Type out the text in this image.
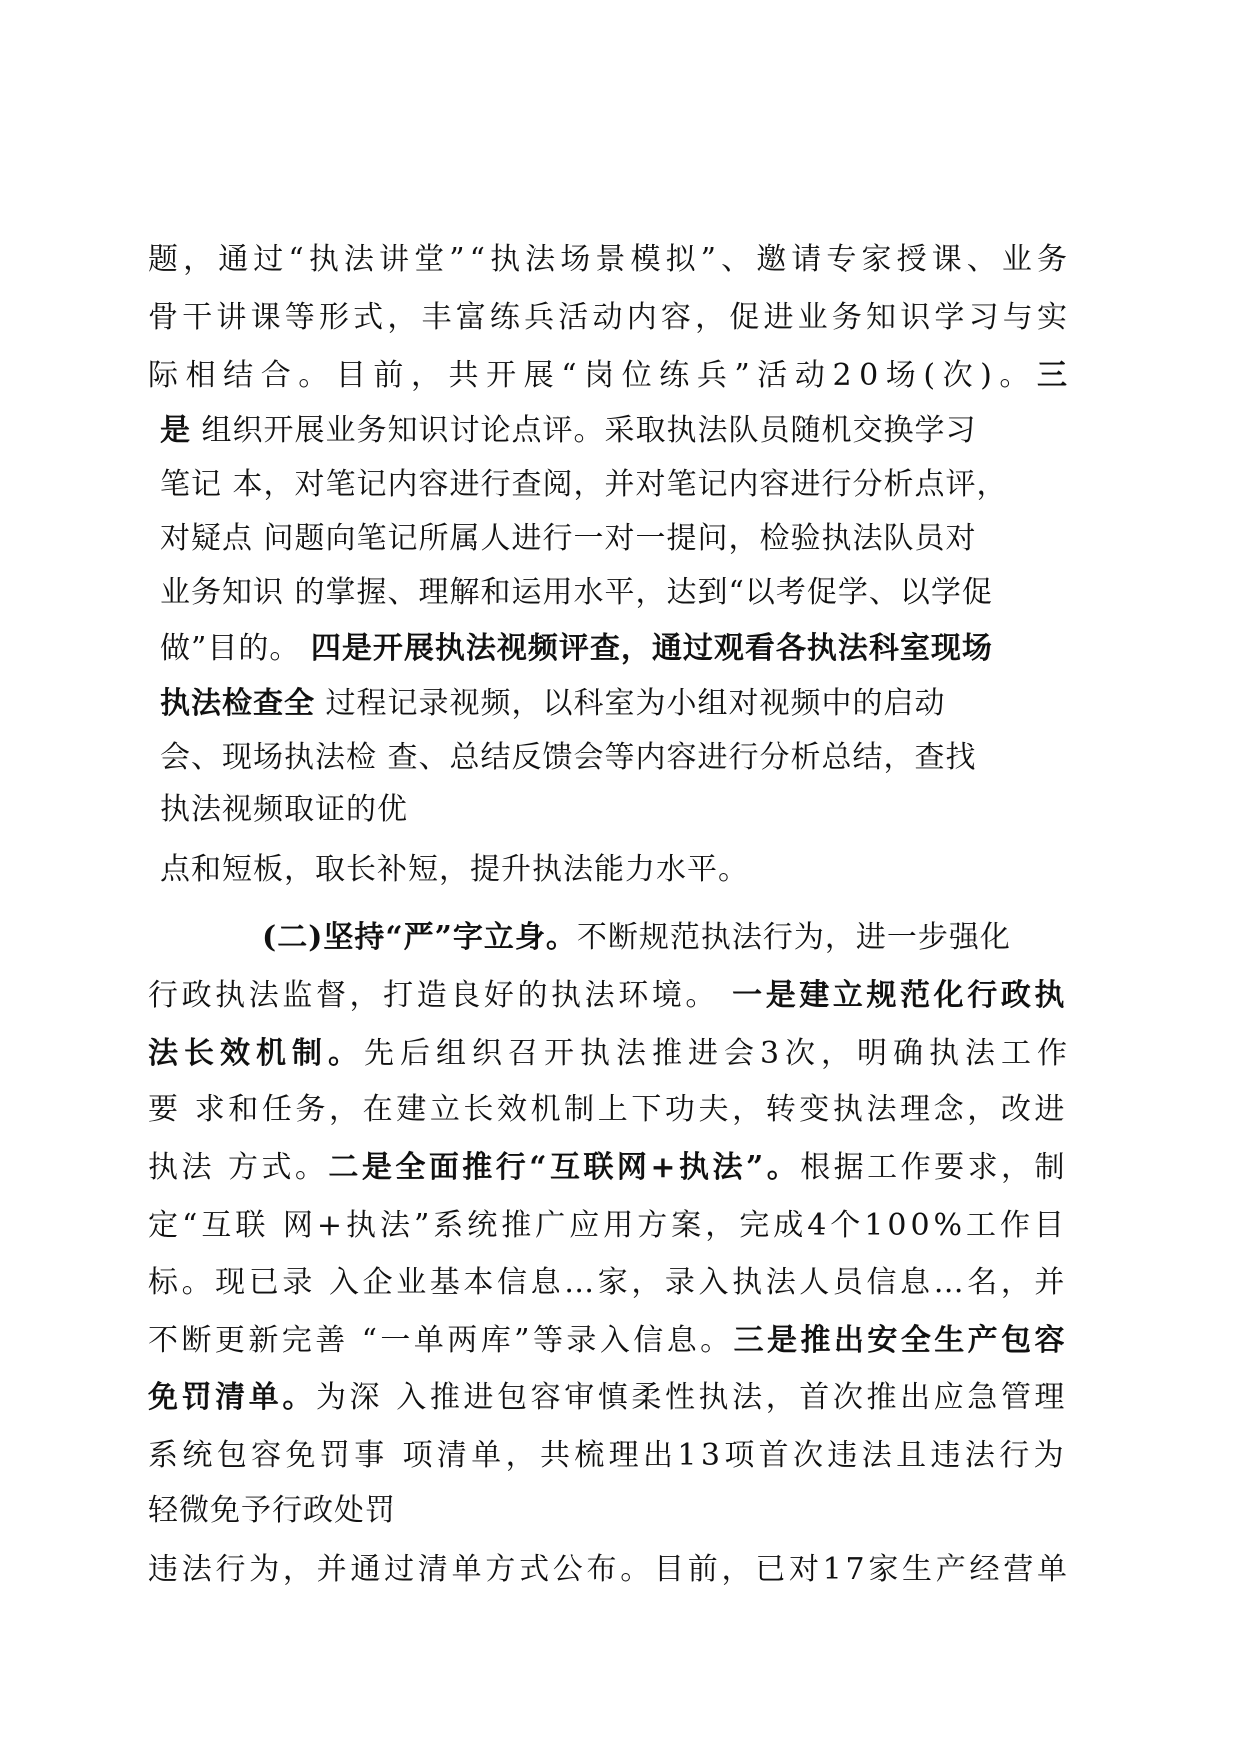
题，通过“执法讲堂”“执法场景模拟”、邀请专家授课、业务
骨干讲课等形式，丰富练兵活动内容，促进业务知识学习与实
际相结合。目前，共开展“岗位练兵”活动20场(次)。三
是 组织开展业务知识讨论点评。采取执法队员随机交换学习
笔记 本，对笔记内容进行查阅，并对笔记内容进行分析点评，
对疑点 问题向笔记所属人进行一对一提问，检验执法队员对
业务知识 的掌握、理解和运用水平，达到“以考促学、以学促
做”目的。 四是开展执法视频评查，通过观看各执法科室现场
执法检查全 过程记录视频，以科室为小组对视频中的启动
会、现场执法检 查、总结反馈会等内容进行分析总结，查找
执法视频取证的优
点和短板，取长补短，提升执法能力水平。
(二)坚持“严”字立身。不断规范执法行为，进一步强化
行政执法监督，打造良好的执法环境。 一是建立规范化行政执
法长效机制。先后组织召开执法推进会3次，明确执法工作
要 求和任务，在建立长效机制上下功夫，转变执法理念，改进
执法 方式。二是全面推行“互联网+执法”。根据工作要求，制
定“互联 网+执法”系统推广应用方案，完成4个100%工作目
标。现已录 入企业基本信息…家，录入执法人员信息…名，并
不断更新完善 “一单两库”等录入信息。三是推出安全生产包容
免罚清单。为深 入推进包容审慎柔性执法，首次推出应急管理
系统包容免罚事 项清单，共梳理出13项首次违法且违法行为
轻微免予行政处罚
违法行为，并通过清单方式公布。目前，已对17家生产经营单
